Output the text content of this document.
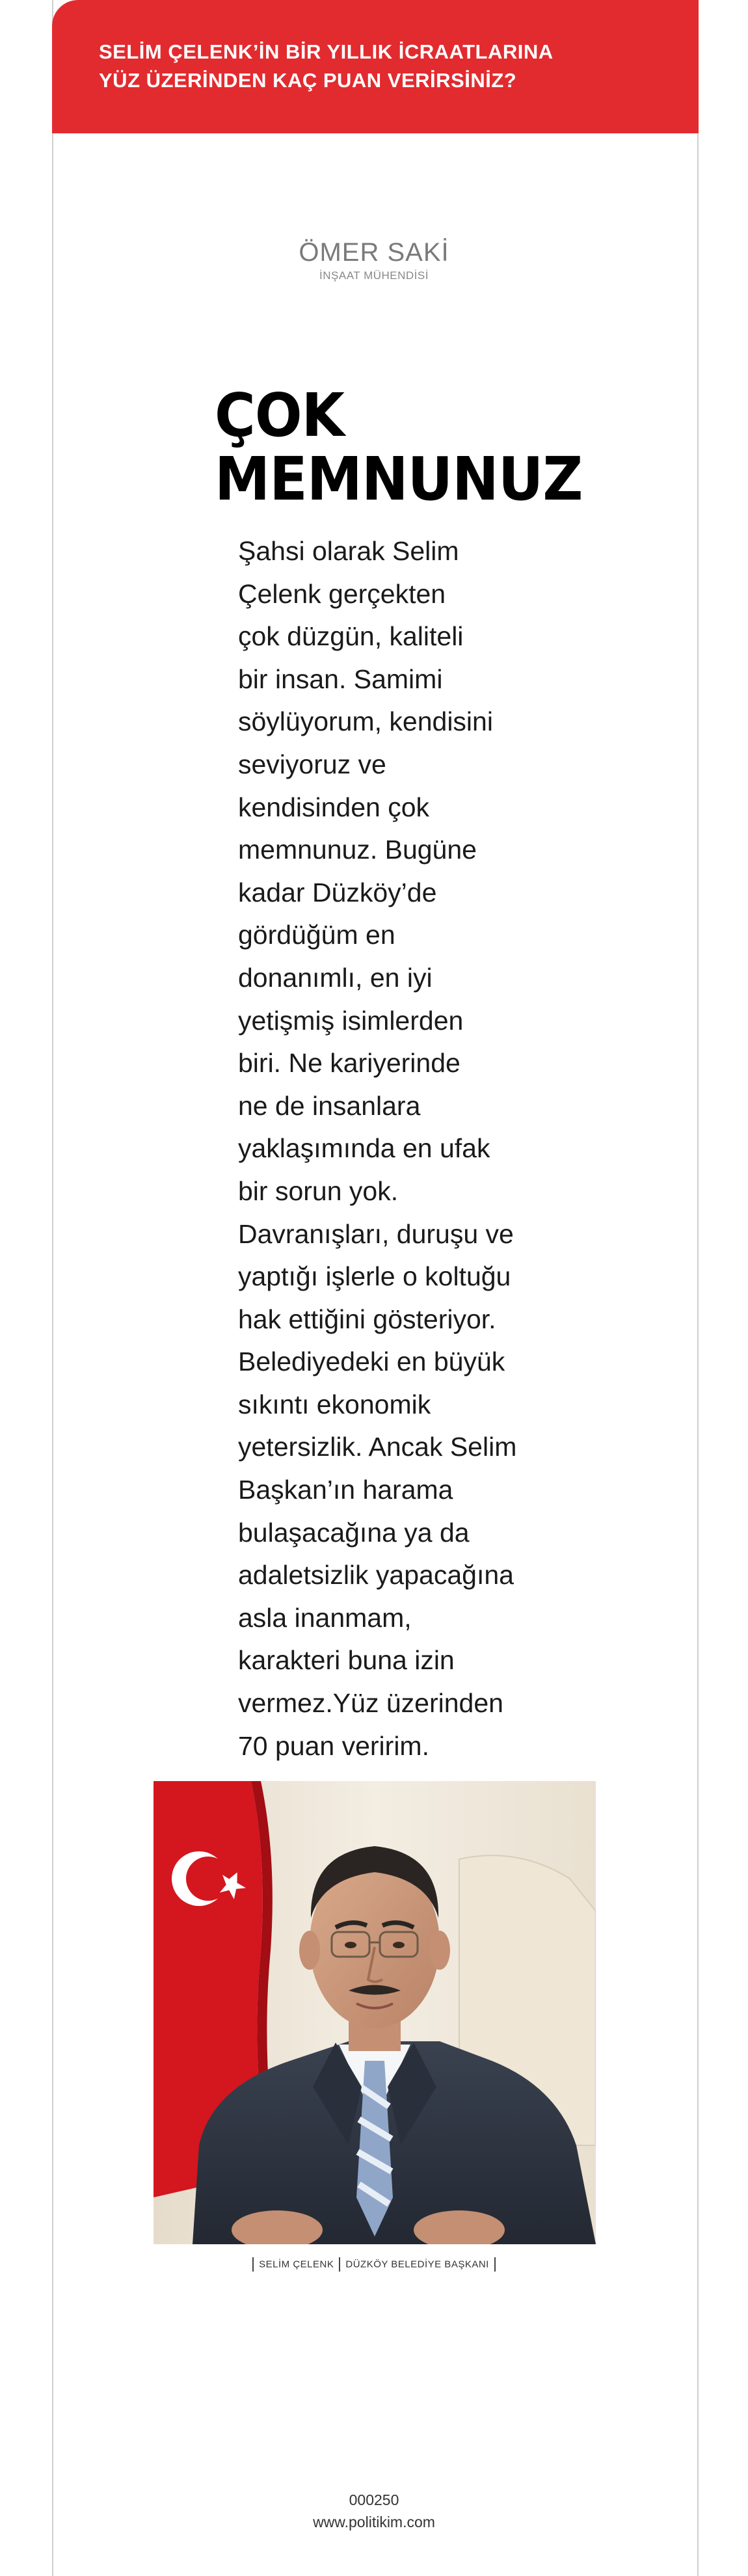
SELİM ÇELENK’İN BİR YILLIK İCRAATLARINA
YÜZ ÜZERİNDEN KAÇ PUAN VERİRSİNİZ?
ÖMER SAKİ
İNŞAAT MÜHENDİSİ
ÇOK
MEMNUNUZ

Şahsi olarak Selim
Çelenk gerçekten
çok düzgün, kaliteli
bir insan. Samimi
söylüyorum, kendisini
seviyoruz ve
kendisinden çok
memnunuz. Bugüne
kadar Düzköy’de
gördüğüm en
donanımlı, en iyi
yetişmiş isimlerden
biri. Ne kariyerinde
ne de insanlara
yaklaşımında en ufak
bir sorun yok.
Davranışları, duruşu ve
yaptığı işlerle o koltuğu
hak ettiğini gösteriyor.
Belediyedeki en büyük
sıkıntı ekonomik
yetersizlik. Ancak Selim
Başkan’ın harama
bulaşacağına ya da
adaletsizlik yapacağına
asla inanmam,
karakteri buna izin
vermez.Yüz üzerinden
70 puan veririm.

SELİM ÇELENK DÜZKÖY BELEDİYE BAŞKANI
000250
www.politikim.com
